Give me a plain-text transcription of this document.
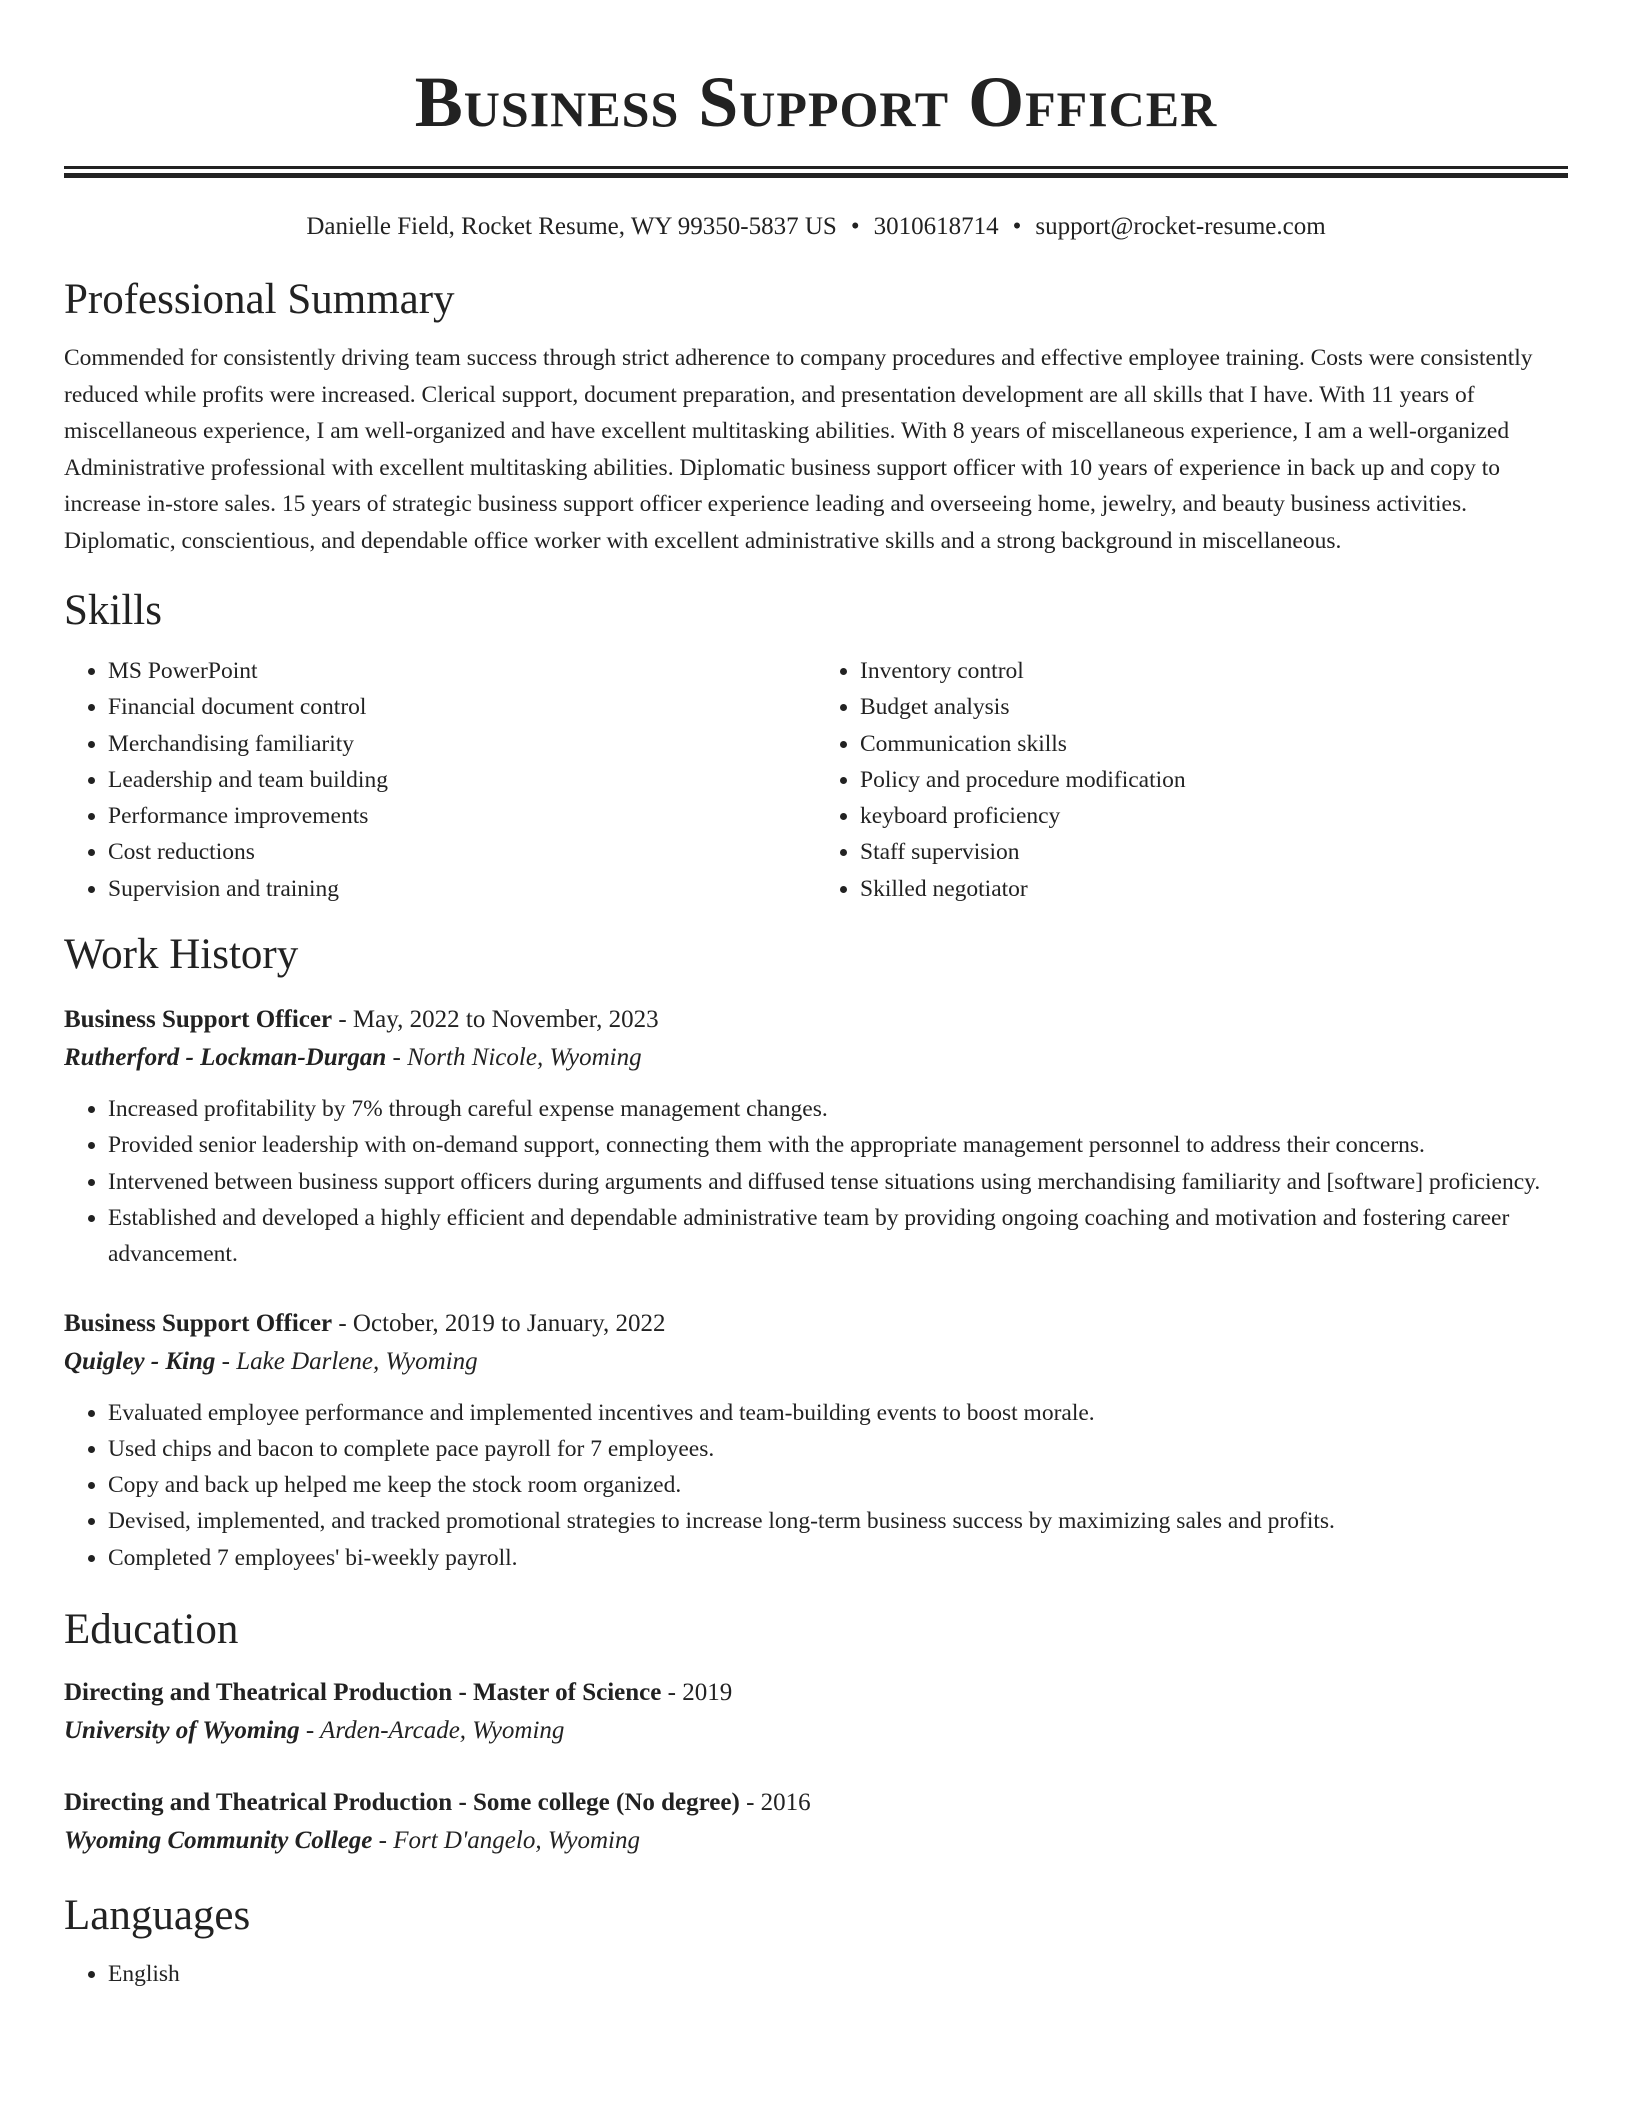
Business Support Officer
Danielle Field, Rocket Resume, WY 99350-5837 US • 3010618714 • support@rocket-resume.com
Professional Summary

Commended for consistently driving team success through strict adherence to company procedures and effective employee training. Costs were consistently reduced while profits were increased. Clerical support, document preparation, and presentation development are all skills that I have. With 11 years of miscellaneous experience, I am well-organized and have excellent multitasking abilities. With 8 years of miscellaneous experience, I am a well-organized Administrative professional with excellent multitasking abilities. Diplomatic business support officer with 10 years of experience in back up and copy to increase in-store sales. 15 years of strategic business support officer experience leading and overseeing home, jewelry, and beauty business activities. Diplomatic, conscientious, and dependable office worker with excellent administrative skills and a strong background in miscellaneous.

Skills
• MS PowerPoint
• Financial document control
• Merchandising familiarity
• Leadership and team building
• Performance improvements
• Cost reductions
• Supervision and training
• Inventory control
• Budget analysis
• Communication skills
• Policy and procedure modification
• keyboard proficiency
• Staff supervision
• Skilled negotiator
Work History
Business Support Officer - May, 2022 to November, 2023
Rutherford - Lockman-Durgan - North Nicole, Wyoming
• Increased profitability by 7% through careful expense management changes.
• Provided senior leadership with on-demand support, connecting them with the appropriate management personnel to address their concerns.
• Intervened between business support officers during arguments and diffused tense situations using merchandising familiarity and [software] proficiency.
• Established and developed a highly efficient and dependable administrative team by providing ongoing coaching and motivation and fostering career advancement.
Business Support Officer - October, 2019 to January, 2022
Quigley - King - Lake Darlene, Wyoming
• Evaluated employee performance and implemented incentives and team-building events to boost morale.
• Used chips and bacon to complete pace payroll for 7 employees.
• Copy and back up helped me keep the stock room organized.
• Devised, implemented, and tracked promotional strategies to increase long-term business success by maximizing sales and profits.
• Completed 7 employees' bi-weekly payroll.
Education
Directing and Theatrical Production - Master of Science - 2019
University of Wyoming - Arden-Arcade, Wyoming
Directing and Theatrical Production - Some college (No degree) - 2016
Wyoming Community College - Fort D'angelo, Wyoming
Languages
• English
